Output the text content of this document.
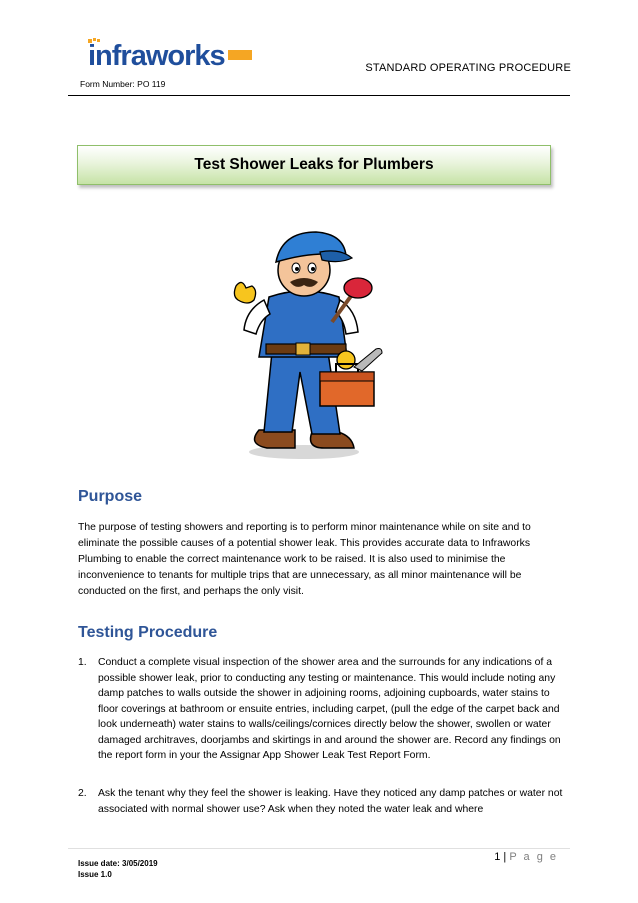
infraworks
Form Number: PO 119
STANDARD OPERATING PROCEDURE
Test Shower Leaks for Plumbers
Purpose

The purpose of testing showers and reporting is to perform minor maintenance while on site and to eliminate the possible causes of a potential shower leak. This provides accurate data to Infraworks Plumbing to enable the correct maintenance work to be raised. It is also used to minimise the inconvenience to tenants for multiple trips that are unnecessary, as all minor maintenance will be conducted on the first, and perhaps the only visit.

Testing Procedure
1. Conduct a complete visual inspection of the shower area and the surrounds for any indications of a possible shower leak, prior to conducting any testing or maintenance. This would include noting any damp patches to walls outside the shower in adjoining rooms, adjoining cupboards, water stains to floor coverings at bathroom or ensuite entries, including carpet, (pull the edge of the carpet back and look underneath) water stains to walls/ceilings/cornices directly below the shower, swollen or water damaged architraves, doorjambs and skirtings in and around the shower are. Record any findings on the report form in your the Assignar App Shower Leak Test Report Form.
2. Ask the tenant why they feel the shower is leaking. Have they noticed any damp patches or water not associated with normal shower use? Ask when they noted the water leak and where
1 | P a g e
Issue date: 3/05/2019
Issue 1.0
